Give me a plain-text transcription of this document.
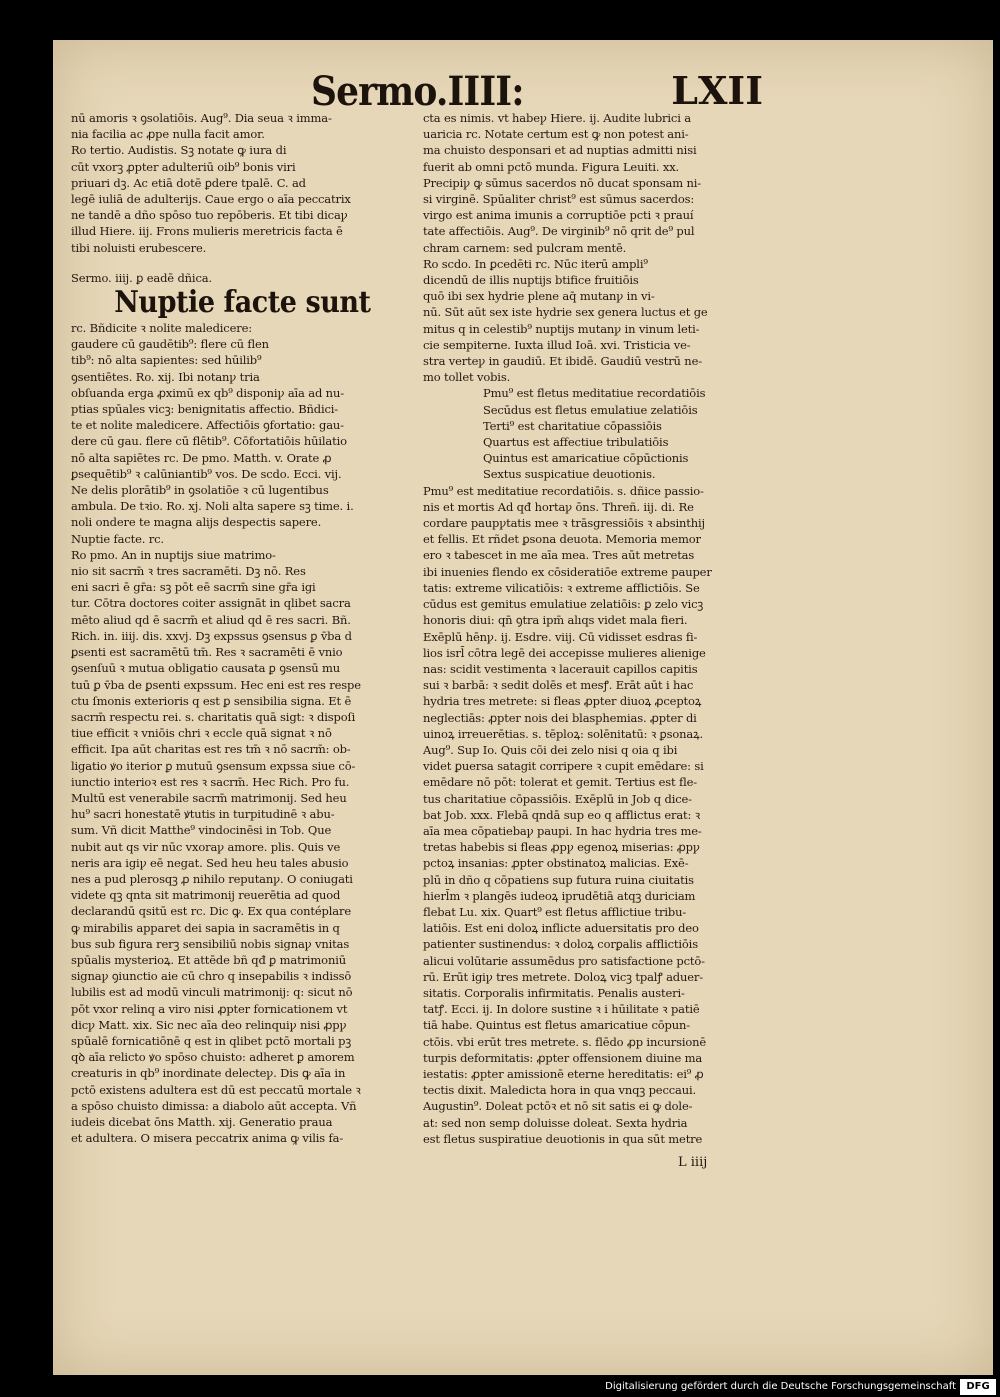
Sermo.IIII:	LXII
nū amoris ꝛ ꝯsolatiōis. Aug⁹. Dia seua ꝛ imma-
nia facilia ac ꝓpe nulla facit amor.
Ro tertio. Audistis. Sꝫ notate ꝙ iura di
cūt vxorꝫ ꝓpter adulteriū oib⁹ bonis viri
priuari dꝫ. Ac etiā dotē ꝑdere tpalē. C. ad
legē iuliā de adulterijs. Caue ergo o aīa peccatrix
ne tandē a dño spōso tuo repōberis. Et tibi dicaꝩ
illud Hiere. iij. Frons mulieris meretricis facta ē
tibi noluisti erubescere.
Sermo. iiij. ꝑ eadē dñica.
Nuptie facte sunt
rc. Bñdicite ꝛ nolite maledicere:
gaudere cū gaudētib⁹: flere cū flen
tib⁹: nō alta sapientes: sed hūilib⁹
ꝯsentiētes. Ro. xij. Ibi notanꝩ tria
obſuanda erga ꝓximū ex qb⁹ disponiꝩ aīa ad nu-
ptias spūales vicꝫ: benignitatis affectio. Bñdici-
te et nolite maledicere. Affectiōis ꝯfortatio: gau-
dere cū gau. flere cū flētib⁹. Cōfortatiōis hūilatio
nō alta sapiētes rc. De pmo. Matth. v. Orate ꝓ
ꝑsequētib⁹ ꝛ calūniantib⁹ vos. De scdo. Ecci. vij.
Ne delis plorātib⁹ in ꝯsolatiōe ꝛ cū lugentibus
ambula. De tꝛio. Ro. xj. Noli alta sapere sꝫ time. i.
noli ondere te magna alijs despectis sapere.
Nuptie facte. rc.
Ro pmo. An in nuptijs siue matrimo-
nio sit sacrm̄ ꝛ tres sacramēti. Dꝫ nō. Res
eni sacri ē gr̄a: sꝫ pōt eē sacrm̄ sine gr̄a igi
tur. Cōtra doctores coiter assignāt in qlibet sacra
mēto aliud qd ē sacrm̄ et aliud qd ē res sacri. Bñ.
Rich. in. iiij. dis. xxvj. Dꝫ expssus ꝯsensus ꝑ v̄ba d
ꝑsenti est sacramētū tm̄. Res ꝛ sacramēti ē vnio
ꝯsenſuū ꝛ mutua obligatio causata ꝑ ꝯsensū mu
tuū ꝑ v̄ba de ꝑsenti expssum. Hec eni est res respe
ctu ſmonis exterioris q est ꝑ sensibilia signa. Et ē
sacrm̄ respectu rei. s. charitatis quā sigt: ꝛ dispoſi
tiue efficit ꝛ vniōis chri ꝛ eccle quā signat ꝛ nō
efficit. Ipa aūt charitas est res tm̄ ꝛ nō sacrm̄: ob-
ligatio ꝟo iterior ꝑ mutuū ꝯsensum expssa siue cō-
iunctio interioꝛ est res ꝛ sacrm̄. Hec Rich. Pro fu.
Multū est venerabile sacrm̄ matrimonij. Sed heu
hu⁹ sacri honestatē ꝟtutis in turpitudinē ꝛ abu-
sum. Vñ dicit Matthe⁹ vindocinēsi in Tob. Que
nubit aut qs vir nūc vxoraꝩ amore. plis. Quis ve
neris ara igiꝩ eē negat. Sed heu heu tales abusio
nes a pud plerosqꝫ ꝓ nihilo reputanꝩ. O coniugati
videte qꝫ qnta sit matrimonij reuerētia ad quod
declarandū qsitū est rc. Dic ꝙ. Ex qua contéplare
ꝙ mirabilis apparet dei sapia in sacramētis in q
bus sub figura rerꝫ sensibiliū nobis signaꝩ vnitas
spūalis mysterioꝝ. Et attēde bñ qđ ꝑ matrimoniū
signaꝩ ꝯiunctio aie cū chro q insepabilis ꝛ indissō
lubilis est ad modū vinculi matrimonij: q: sicut nō
pōt vxor relinq a viro nisi ꝓpter fornicationem vt
dicꝩ Matt. xix. Sic nec aīa deo relinquiꝩ nisi ꝓpꝩ
spūalē fornicatiōnē q est in qlibet pctō mortali pꝫ
qꝺ aīa relicto ꝟo spōso chuisto: adheret ꝑ amorem
creaturis in qb⁹ inordinate delecteꝩ. Dis ꝙ aīa in
pctō existens adultera est dū est peccatū mortale ꝛ
a spōso chuisto dimissa: a diabolo aūt accepta. Vñ
iudeis dicebat ōns Matth. xij. Generatio praua
et adultera. O misera peccatrix anima ꝙ vilis fa-
cta es nimis. vt habeꝩ Hiere. ij. Audite lubrici a
uaricia rc. Notate certum est ꝙ non potest ani-
ma chuisto desponsari et ad nuptias admitti nisi
fuerit ab omni pctō munda. Figura Leuiti. xx.
Precipiꝩ ꝙ sūmus sacerdos nō ducat sponsam ni-
si virginē. Spūaliter christ⁹ est sūmus sacerdos:
virgo est anima imunis a corruptiōe pcti ꝛ prauí
tate affectiōis. Aug⁹. De virginib⁹ nō qrit de⁹ pul
chram carnem: sed pulcram mentē.
Ro scdo. In ꝑcedēti rc. Nūc iterū ampli⁹
dicendū de illis nuptijs btifice fruitiōis
quō ibi sex hydrie plene aq̄ mutanꝩ in vi-
nū. Sūt aūt sex iste hydrie sex genera luctus et ge
mitus q in celestib⁹ nuptijs mutanꝩ in vinum leti-
cie sempiterne. Iuxta illud Ioā. xvi. Tristicia ve-
stra verteꝩ in gaudiū. Et ibidē. Gaudiū vestrū ne-
mo tollet vobis.
Pmu⁹ est fletus meditatiue recordatiōis
Secūdus est fletus emulatiue zelatiōis
Terti⁹ est charitatiue cōpassiōis
Quartus est affectiue tribulatiōis
Quintus est amaricatiue cōpūctionis
Sextus suspicatiue deuotionis.
Pmu⁹ est meditatiue recordatiōis. s. dñice passio-
nis et mortis Ad qđ hortaꝩ ōns. Threñ. iij. di. Re
cordare paupꝩtatis mee ꝛ trāsgressiōis ꝛ absinthij
et fellis. Et rñdet ꝑsona deuota. Memoria memor
ero ꝛ tabescet in me aīa mea. Tres aūt metretas
ibi inuenies flendo ex cōsideratiōe extreme pauper
tatis: extreme vilicatiōis: ꝛ extreme afflictiōis. Se
cūdus est gemitus emulatiue zelatiōis: ꝑ zelo vicꝫ
honoris diui: qn̄ ꝯtra ipm̄ alıqs videt mala fieri.
Exēplū hēnꝩ. ij. Esdre. viij. Cū vidisset esdras fi-
lios isrl̄ cōtra legē dei accepisse mulieres alienige
nas: scidit vestimenta ꝛ lacerauit capillos capitis
sui ꝛ barbā: ꝛ sedit dolēs et mesꝭ. Erāt aūt i hac
hydria tres metrete: si fleas ꝓpter diuoꝝ ꝓceptoꝝ
neglectiās: ꝓpter nois dei blasphemias. ꝓpter di
uinoꝝ irreuerētias. s. tēploꝝ: solēnitatū: ꝛ ꝑsonaꝝ.
Aug⁹. Sup Io. Quis cōi dei zelo nisi q oia q ibi
videt ꝑuersa satagit corripere ꝛ cupit emēdare: si
emēdare nō pōt: tolerat et gemit. Tertius est fle-
tus charitatiue cōpassiōis. Exēplū in Job q dice-
bat Job. xxx. Flebā qndā sup eo q afflictus erat: ꝛ
aīa mea cōpatiebaꝩ paupi. In hac hydria tres me-
tretas habebis si fleas ꝓpꝩ egenoꝝ miserias: ꝓpꝩ
pctoꝝ insanias: ꝓpter obstinatoꝝ malicias. Exē-
plū in dño q cōpatiens sup futura ruina ciuitatis
hierl̄m ꝛ plangēs iudeoꝝ iprudētiā atqꝫ duriciam
flebat Lu. xix. Quart⁹ est fletus afflictiue tribu-
latiōis. Est eni doloꝝ inflicte aduersitatis pro deo
patienter sustinendus: ꝛ doloꝝ corꝑalis afflictiōis
alicui volūtarie assumēdus pro satisfactione pctō-
rū. Erūt igiꝩ tres metrete. Doloꝝ vicꝫ tpalꝭ aduer-
sitatis. Corporalis infirmitatis. Penalis austeri-
tatꝭ. Ecci. ij. In dolore sustine ꝛ i hūilitate ꝛ patiē
tiā habe. Quintus est fletus amaricatiue cōpun-
ctōis. vbi erūt tres metrete. s. flēdo ꝓp incursionē
turpis deformitatis: ꝓpter offensionem diuine ma
iestatis: ꝓpter amissionē eterne hereditatis: ei⁹ ꝓ
tectis dixit. Maledicta hora in qua vnqꝫ peccaui.
Augustin⁹. Doleat pctōꝛ et nō sit satis ei ꝙ dole-
at: sed non semp doluisse doleat. Sexta hydria
est fletus suspiratiue deuotionis in qua sūt metre
L iiij
Digitalisierung gefördert durch die Deutsche Forschungsgemeinschaft	DFG
